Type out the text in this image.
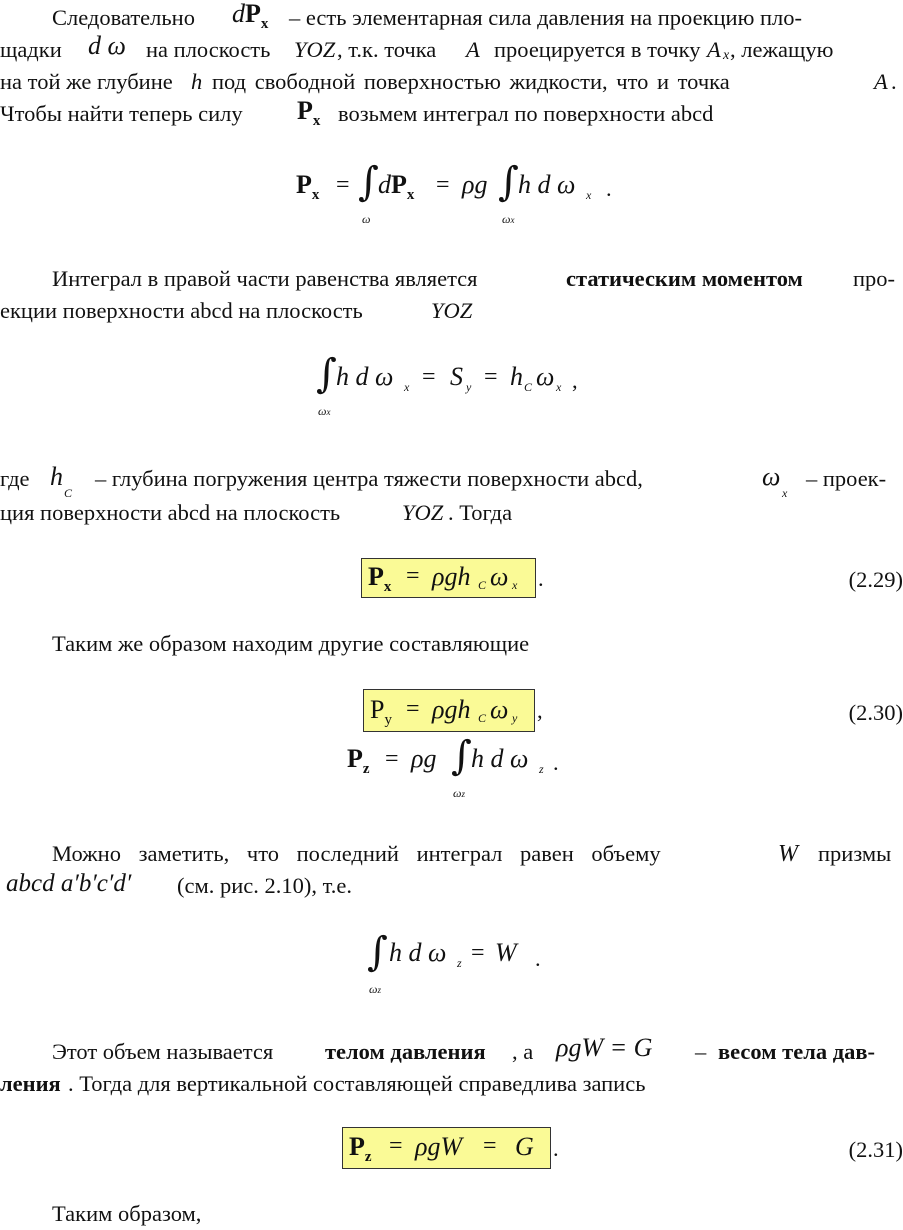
Следовательно $dP_x$ – есть элементарная сила давления на проекцию пло-
щадки d ω на плоскость YOZ , т.к. точка A проецируется в точку A x , лежащую
на той же глубине h под свободной поверхностью жидкости, что и точка	A .
Чтобы найти теперь силу $P_x$ возьмем интеграл по поверхности abcd
$P_x$ = ∫
ω
$dP_x = \rho g$ ∫
ωx
h d ω x .
Интеграл в правой части равенства является	статическим моментом про-
екции поверхности abcd на плоскость	YOZ
∫
ωx
h d ω x = S y = h C ω x ,
где h
C
– глубина погружения центра тяжести поверхности abcd,	ω
x
– проек-
ция поверхности abcd на плоскость	YOZ . Тогда
$P_x = \rho gh$ C ω x .	(2.29)
Таким же образом находим другие составляющие
$P_y = \rho gh$ C ω y ,	(2.30)
$P_z = \rho g$ ∫
ωz
h d ω z .
Можно заметить, что последний интеграл равен объему	W призмы
abcd a′b′c′d′ (см. рис. 2.10), т.е.
∫
ωz
h d ω z = W .
Этот объем называется телом давления , а ρgW = G – весом тела дав-
ления . Тогда для вертикальной составляющей справедлива запись
$P_z = \rho gW = G$ .	(2.31)
Таким образом,
